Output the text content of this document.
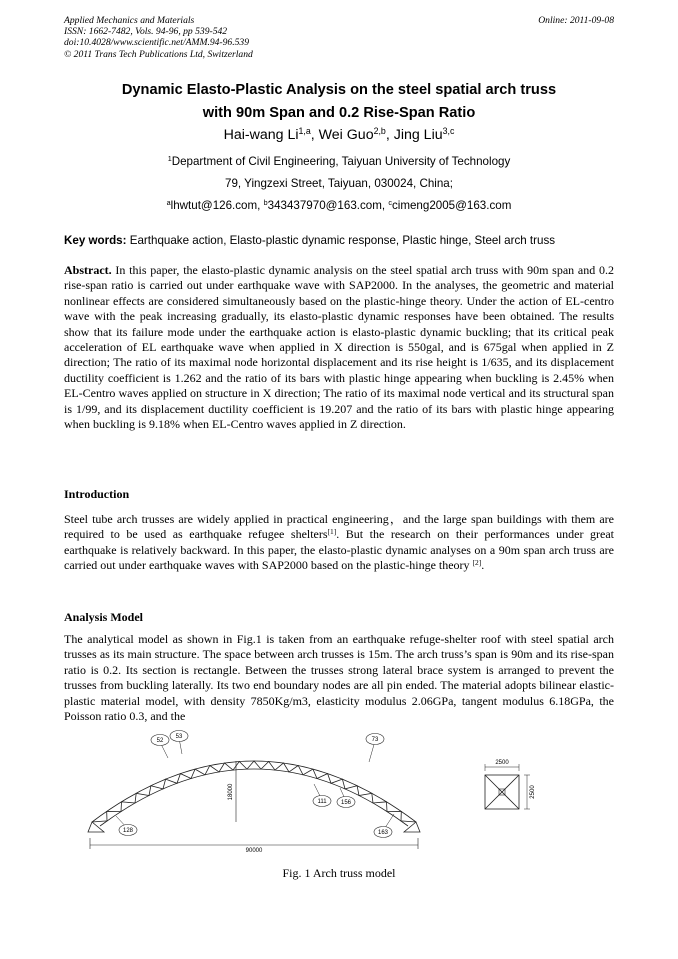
Applied Mechanics and Materials
ISSN: 1662-7482, Vols. 94-96, pp 539-542
doi:10.4028/www.scientific.net/AMM.94-96.539
© 2011 Trans Tech Publications Ltd, Switzerland
Online: 2011-09-08
Dynamic Elasto-Plastic Analysis on the steel spatial arch truss
with 90m Span and 0.2 Rise-Span Ratio
Hai-wang Li$^{1,a}$, Wei Guo$^{2,b}$, Jing Liu$^{3,c}$
$^1$Department of Civil Engineering, Taiyuan University of Technology
79, Yingzexi Street, Taiyuan, 030024, China;
$^a$lhwtut@126.com, $^b$343437970@163.com, $^c$cimeng2005@163.com
Key words: Earthquake action, Elasto-plastic dynamic response, Plastic hinge, Steel arch truss
Abstract. In this paper, the elasto-plastic dynamic analysis on the steel spatial arch truss with 90m span and 0.2 rise-span ratio is carried out under earthquake wave with SAP2000. In the analyses, the geometric and material nonlinear effects are considered simultaneously based on the plastic-hinge theory. Under the action of EL-centro wave with the peak increasing gradually, its elasto-plastic dynamic responses have been obtained. The results show that its failure mode under the earthquake action is elasto-plastic dynamic buckling; that its critical peak acceleration of EL earthquake wave when applied in X direction is 550gal, and is 675gal when applied in Z direction; The ratio of its maximal node horizontal displacement and its rise height is 1/635, and its displacement ductility coefficient is 1.262 and the ratio of its bars with plastic hinge appearing when buckling is 2.45% when EL-Centro waves applied on structure in X direction; The ratio of its maximal node vertical and its structural span is 1/99, and its displacement ductility coefficient is 19.207 and the ratio of its bars with plastic hinge appearing when buckling is 9.18% when EL-Centro waves applied in Z direction.
Introduction
Steel tube arch trusses are widely applied in practical engineering，and the large span buildings with them are required to be used as earthquake refugee shelters[1]. But the research on their performances under great earthquake is relatively backward. In this paper, the elasto-plastic dynamic analyses on a 90m span arch truss are carried out under earthquake waves with SAP2000 based on the plastic-hinge theory [2].
Analysis Model
The analytical model as shown in Fig.1 is taken from an earthquake refuge-shelter roof with steel spatial arch trusses as its main structure. The space between arch trusses is 15m. The arch truss’s span is 90m and its rise-span ratio is 0.2. Its section is rectangle. Between the trusses strong lateral brace system is arranged to prevent the trusses from buckling laterally. Its two end boundary nodes are all pin ended. The material adopts bilinear elastic-plastic material model, with density 7850Kg/m3, elasticity modulus 2.06GPa, tangent modulus 6.18GPa, the Poisson ratio 0.3, and the
52
53	73
111 156
128	163
90000
18000
2500
2500
Fig. 1 Arch truss model
